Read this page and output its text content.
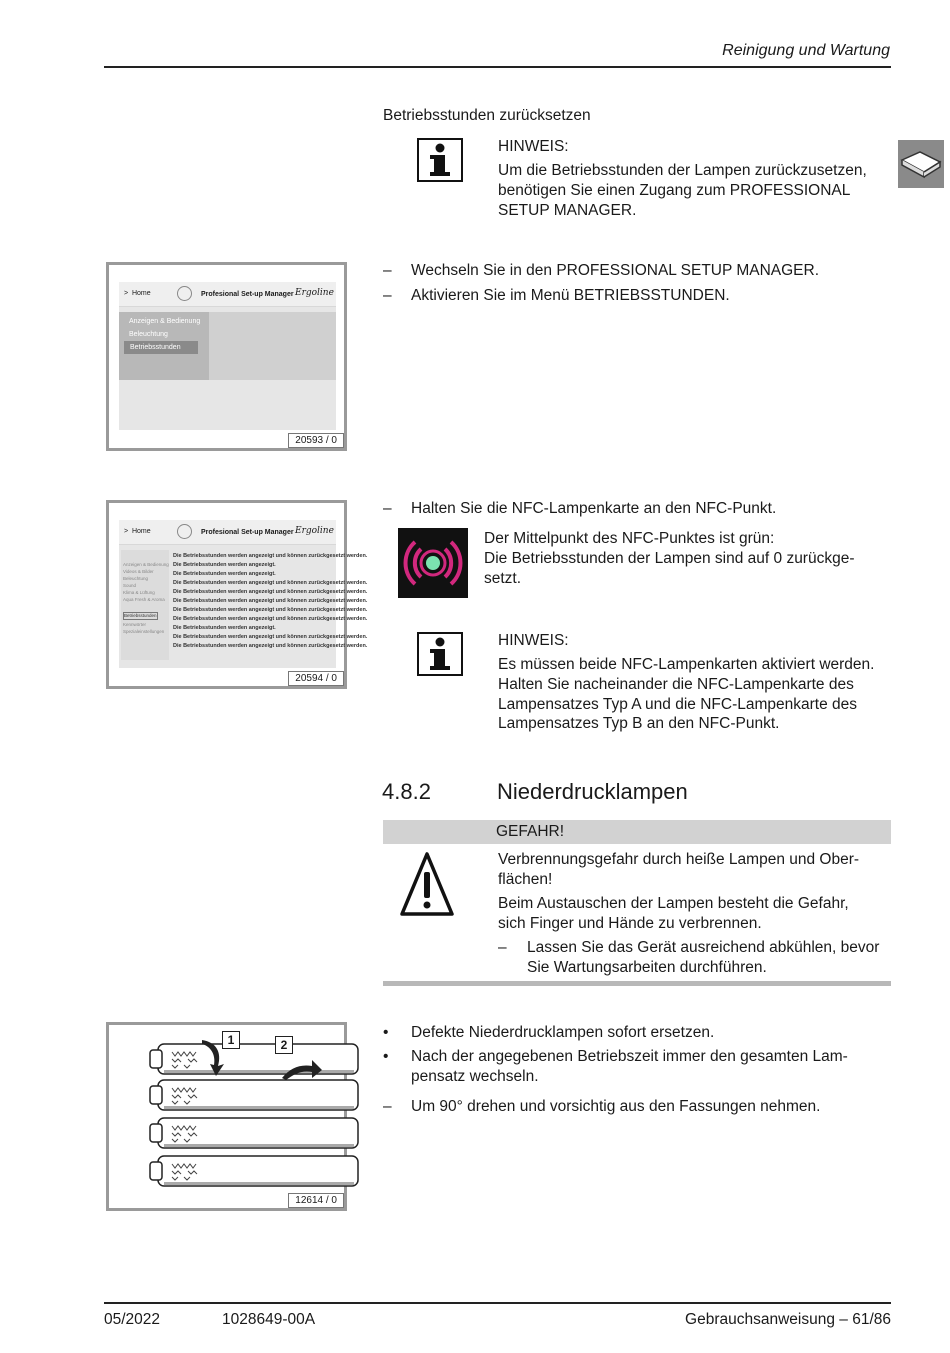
Reinigung und Wartung
Betriebsstunden zurücksetzen
HINWEIS:
Um die Betriebsstunden der Lampen zurückzusetzen,
benötigen Sie einen Zugang zum PROFESSIONAL
SETUP MANAGER.
– Wechseln Sie in den PROFESSIONAL SETUP MANAGER.
– Aktivieren Sie im Menü BETRIEBSSTUNDEN.
>  Home	Profesional Set-up Manager Ergoline
Anzeigen & Bedienung
Beleuchtung
Betriebsstunden
20593 / 0
>  Home	Profesional Set-up Manager Ergoline
Anzeigen & Bedienung
Videos & Bilder
Beleuchtung
Sound
Klima & Lüftung
Aqua Fresh & Aroma
Betriebsstunden
Kennwörter
Spezialeinstellungen
Die Betriebsstunden werden angezeigt und können zurückgesetzt werden.
Die Betriebsstunden werden angezeigt.
Die Betriebsstunden werden angezeigt.
Die Betriebsstunden werden angezeigt und können zurückgesetzt werden.
Die Betriebsstunden werden angezeigt und können zurückgesetzt werden.
Die Betriebsstunden werden angezeigt und können zurückgesetzt werden.
Die Betriebsstunden werden angezeigt und können zurückgesetzt werden.
Die Betriebsstunden werden angezeigt und können zurückgesetzt werden.
Die Betriebsstunden werden angezeigt.
Die Betriebsstunden werden angezeigt und können zurückgesetzt werden.
Die Betriebsstunden werden angezeigt und können zurückgesetzt werden.
20594 / 0
– Halten Sie die NFC-Lampenkarte an den NFC-Punkt.
Der Mittelpunkt des NFC-Punktes ist grün:
Die Betriebsstunden der Lampen sind auf 0 zurückge-
setzt.
HINWEIS:
Es müssen beide NFC-Lampenkarten aktiviert werden.
Halten Sie nacheinander die NFC-Lampenkarte des
Lampensatzes Typ A und die NFC-Lampenkarte des
Lampensatzes Typ B an den NFC-Punkt.
4.8.2	Niederdrucklampen
GEFAHR!
Verbrennungsgefahr durch heiße Lampen und Ober-
flächen!
Beim Austauschen der Lampen besteht die Gefahr,
sich Finger und Hände zu verbrennen.
– Lassen Sie das Gerät ausreichend abkühlen, bevor
Sie Wartungsarbeiten durchführen.
1	2
12614 / 0
• Defekte Niederdrucklampen sofort ersetzen.
• Nach der angegebenen Betriebszeit immer den gesamten Lam-
pensatz wechseln.
– Um 90° drehen und vorsichtig aus den Fassungen nehmen.
05/2022	1028649-00A	Gebrauchsanweisung – 61/86
